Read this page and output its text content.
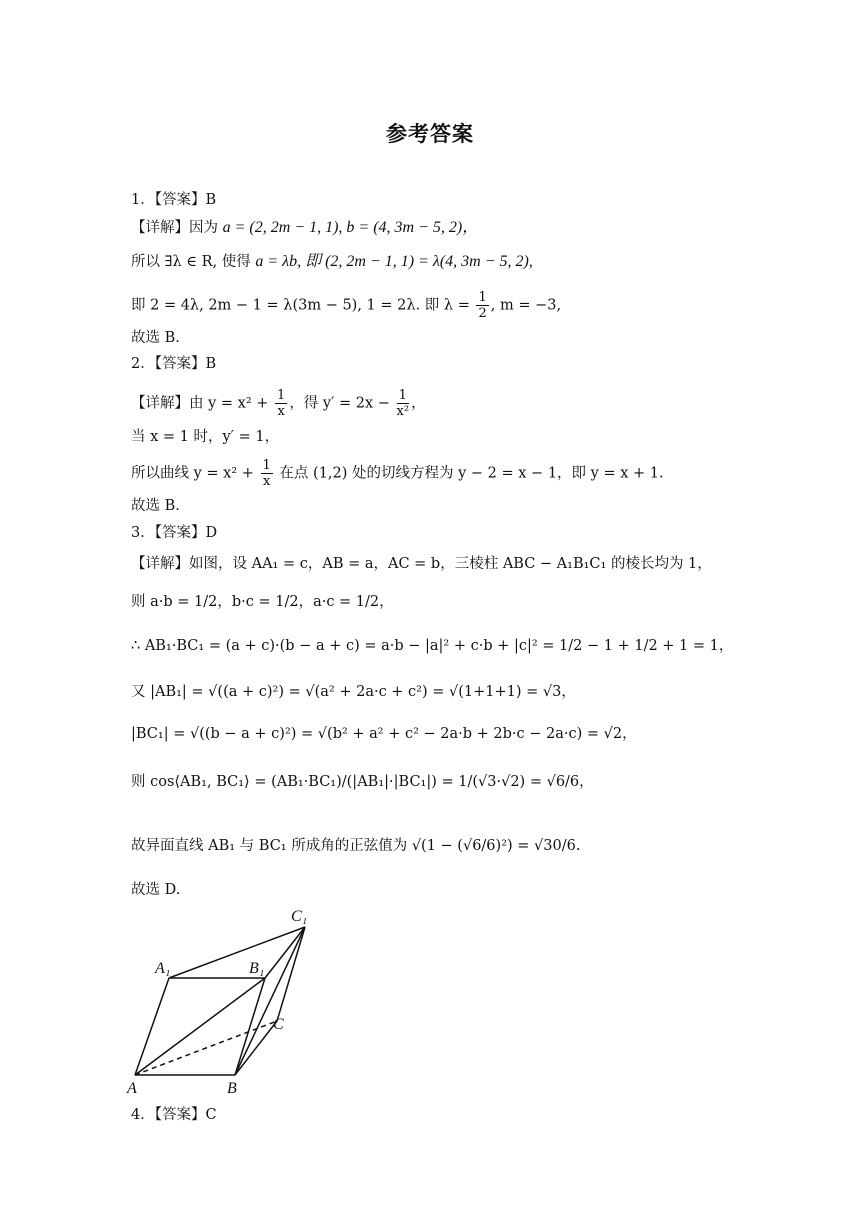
参考答案
1．【答案】B
【详解】因为 a = (2, 2m − 1, 1), b = (4, 3m − 5, 2)，
所以 ∃λ ∈ R, 使得 a = λb, 即 (2, 2m − 1, 1) = λ(4, 3m − 5, 2),
即 2 = 4λ, 2m − 1 = λ(3m − 5), 1 = 2λ. 即 $\lambda = \frac{1}{2}$ , m = −3,
故选 B.
2．【答案】B
【详解】由 $y = x^2 + \frac{1}{x}$ ，得 $y' = 2x - \frac{1}{\text{x²}}$ ，
当 x = 1 时，y′ = 1，
所以曲线 $y = x^2 + \frac{1}{x}$ 在点 (1,2) 处的切线方程为 y − 2 = x − 1，即 y = x + 1.
故选 B.
3．【答案】D
【详解】如图，设 AA₁ = c，AB = a，AC = b，三棱柱 ABC − A₁B₁C₁ 的棱长均为 1，
则 a·b = 1/2，b·c = 1/2，a·c = 1/2，
∴ AB₁·BC₁ = (a + c)·(b − a + c) = a·b − |a|² + c·b + |c|² = 1/2 − 1 + 1/2 + 1 = 1，
又 |AB₁| = √((a + c)²) = √(a² + 2a·c + c²) = √(1+1+1) = √3，
|BC₁| = √((b − a + c)²) = √(b² + a² + c² − 2a·b + 2b·c − 2a·c) = √2，
则 cos⟨AB₁, BC₁⟩ = (AB₁·BC₁)/(|AB₁|·|BC₁|) = 1/(√3·√2) = √6/6，
故异面直线 AB₁ 与 BC₁ 所成角的正弦值为 √(1 − (√6/6)²) = √30/6.
故选 D.
C₁
A₁	B₁
C
A	B
4．【答案】C
